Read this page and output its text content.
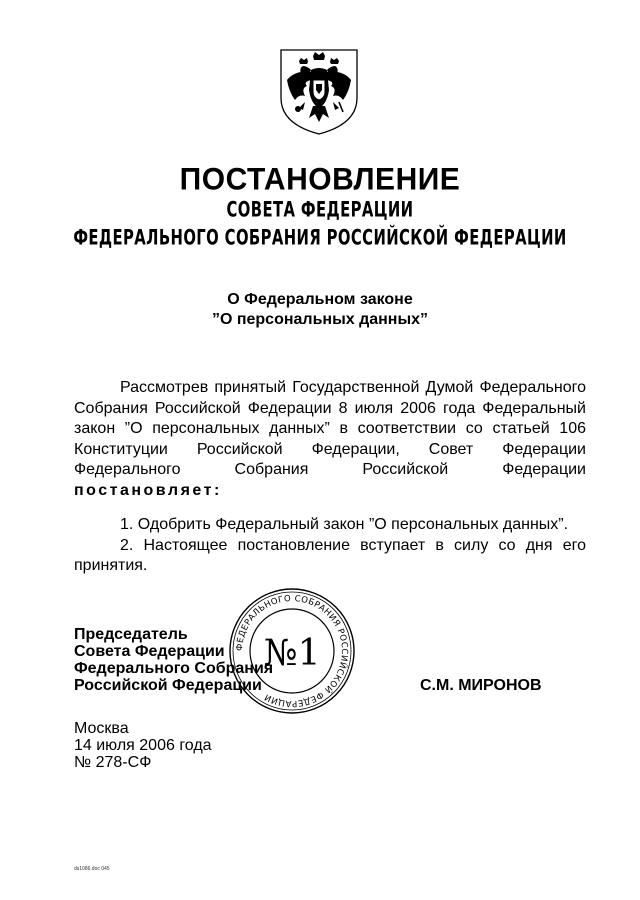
ПОСТАНОВЛЕНИЕ
СОВЕТА ФЕДЕРАЦИИ
ФЕДЕРАЛЬНОГО СОБРАНИЯ РОССИЙСКОЙ ФЕДЕРАЦИИ
О Федеральном законе
”О персональных данных”

Рассмотрев принятый Государственной Думой Федерального

Собрания Российской Федерации 8 июля 2006 года Федеральный
закон ”О персональных данных” в соответствии со статьей 106
Конституции Российской Федерации, Совет Федерации
Федерального Собрания Российской Федерации
постановляет:

1. Одобрить Федеральный закон ”О персональных данных”.

2. Настоящее постановление вступает в силу со дня его принятия.

Председатель
Совета Федерации
Федерального Собрания
Российской Федерации
ФЕДЕРАЛЬНОГО СОБРАНИЯ РОССИЙСКОЙ ФЕДЕРАЦИИ
№1
С.М. МИРОНОВ
Москва
14 июля 2006 года
№ 278-СФ
ds1086.doc 045
